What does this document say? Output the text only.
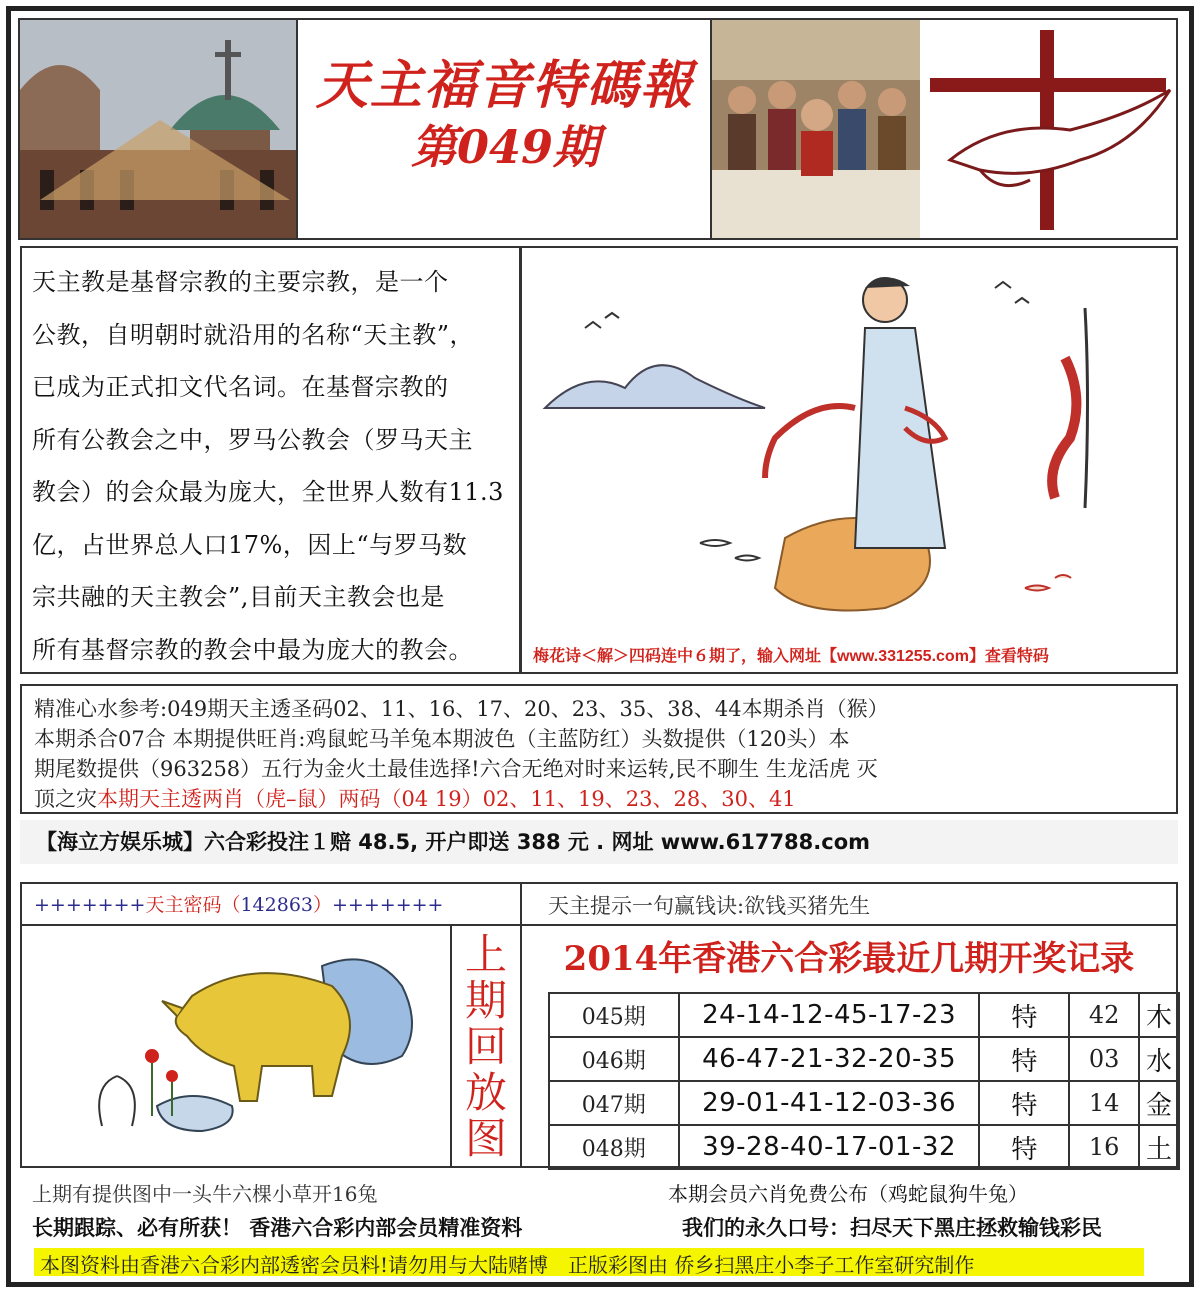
天主福音特碼報
第049期

天主教是基督宗教的主要宗教，是一个

公教，自明朝时就沿用的名称“天主教”，

已成为正式扣文代名词。在基督宗教的

所有公教会之中，罗马公教会（罗马天主

教会）的会众最为庞大，全世界人数有11.3

亿，占世界总人口17%，因上“与罗马数

宗共融的天主教会”,目前天主教会也是

所有基督宗教的教会中最为庞大的教会。	梅花诗＜解＞四码连中６期了，输入网址【www.331255.com】查看特码
精准心水参考:049期天主透圣码02、11、16、17、20、23、35、38、44本期杀肖（猴）
本期杀合07合 本期提供旺肖:鸡鼠蛇马羊兔本期波色（主蓝防红）头数提供（120头）本
期尾数提供（963258）五行为金火土最佳选择!六合无绝对时来运转,民不聊生 生龙活虎 灭
顶之灾本期天主透两肖（虎–鼠）两码（04 19）02、11、19、23、28、30、41
【海立方娱乐城】六合彩投注１赔 48.5, 开户即送 388 元 . 网址 www.617788.com
+++++++天主密码（142863）+++++++	天主提示一句赢钱诀:欲钱买猪先生
上
期
回
放
图
2014年香港六合彩最近几期开奖记录
045期	24-14-12-45-17-23	特	42	木
046期	46-47-21-32-20-35	特	03	水
047期	29-01-41-12-03-36	特	14	金
048期	39-28-40-17-01-32	特	16	土
上期有提供图中一头牛六棵小草开16兔	本期会员六肖免费公布（鸡蛇鼠狗牛兔）
长期跟踪、必有所获！ 香港六合彩内部会员精准资料	我们的永久口号：扫尽天下黑庄拯救输钱彩民
本图资料由香港六合彩内部透密会员料!请勿用与大陆赌博　正版彩图由 侨乡扫黑庄小李子工作室研究制作
